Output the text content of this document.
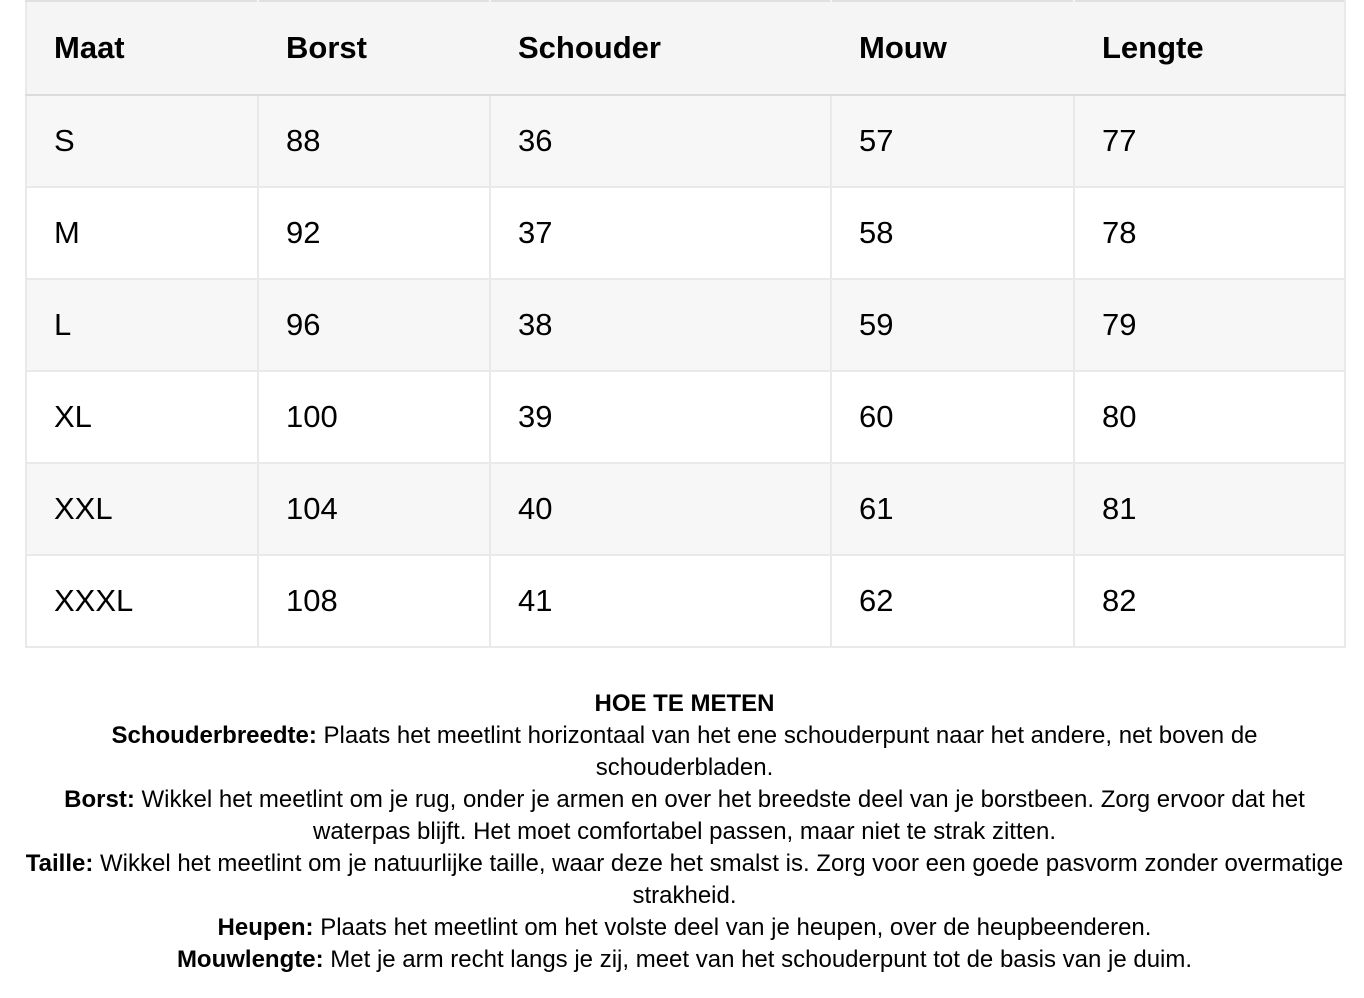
Maat	Borst	Schouder	Mouw	Lengte
S	88	36	57	77
M	92	37	58	78
L	96	38	59	79
XL	100	39	60	80
XXL	104	40	61	81
XXXL	108	41	62	82
HOE TE METEN
Schouderbreedte: Plaats het meetlint horizontaal van het ene schouderpunt naar het andere, net boven de schouderbladen.
Borst: Wikkel het meetlint om je rug, onder je armen en over het breedste deel van je borstbeen. Zorg ervoor dat het waterpas blijft. Het moet comfortabel passen, maar niet te strak zitten.
Taille: Wikkel het meetlint om je natuurlijke taille, waar deze het smalst is. Zorg voor een goede pasvorm zonder overmatige strakheid.
Heupen: Plaats het meetlint om het volste deel van je heupen, over de heupbeenderen.
Mouwlengte: Met je arm recht langs je zij, meet van het schouderpunt tot de basis van je duim.
